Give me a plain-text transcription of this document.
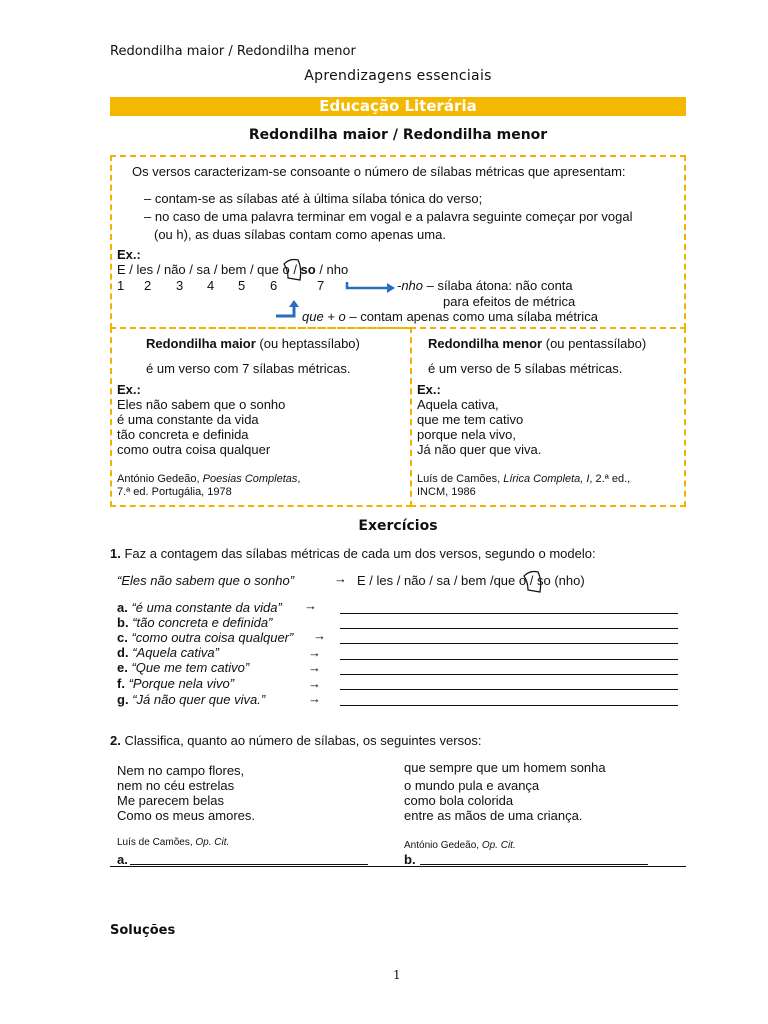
Redondilha maior / Redondilha menor
Aprendizagens essenciais
Educação Literária
Redondilha maior / Redondilha menor
Os versos caracterizam-se consoante o número de sílabas métricas que apresentam:
– contam-se as sílabas até à última sílaba tónica do verso;
– no caso de uma palavra terminar em vogal e a palavra seguinte começar por vogal
(ou h), as duas sílabas contam como apenas uma.
Ex.:
E / les / não / sa / bem / que o / so / nho
1 2 3 4 5 6	7	-nho – sílaba átona: não conta
para efeitos de métrica
que + o – contam apenas como uma sílaba métrica
Redondilha maior (ou heptassílabo)
é um verso com 7 sílabas métricas.
Ex.:
Eles não sabem que o sonho
é uma constante da vida
tão concreta e definida
como outra coisa qualquer
António Gedeão, Poesias Completas,
7.ª ed. Portugália, 1978
Redondilha menor (ou pentassílabo)
é um verso de 5 sílabas métricas.
Ex.:
Aquela cativa,
que me tem cativo
porque nela vivo,
Já não quer que viva.
Luís de Camões, Lírica Completa, I, 2.ª ed.,
INCM, 1986
Exercícios
1. Faz a contagem das sílabas métricas de cada um dos versos, segundo o modelo:
“Eles não sabem que o sonho”	→ E / les / não / sa / bem /que o / so (nho)
a. “é uma constante da vida” →
b. “tão concreta e definida”
c. “como outra coisa qualquer” →
d. “Aquela cativa”	→
e. “Que me tem cativo”	→
f. “Porque nela vivo”	→
g. “Já não quer que viva.”	→
2. Classifica, quanto ao número de sílabas, os seguintes versos:
Nem no campo flores,
nem no céu estrelas
Me parecem belas
Como os meus amores.
Luís de Camões, Op. Cit.
a.
que sempre que um homem sonha
o mundo pula e avança
como bola colorida
entre as mãos de uma criança.
António Gedeão, Op. Cit.
b.
Soluções
1
